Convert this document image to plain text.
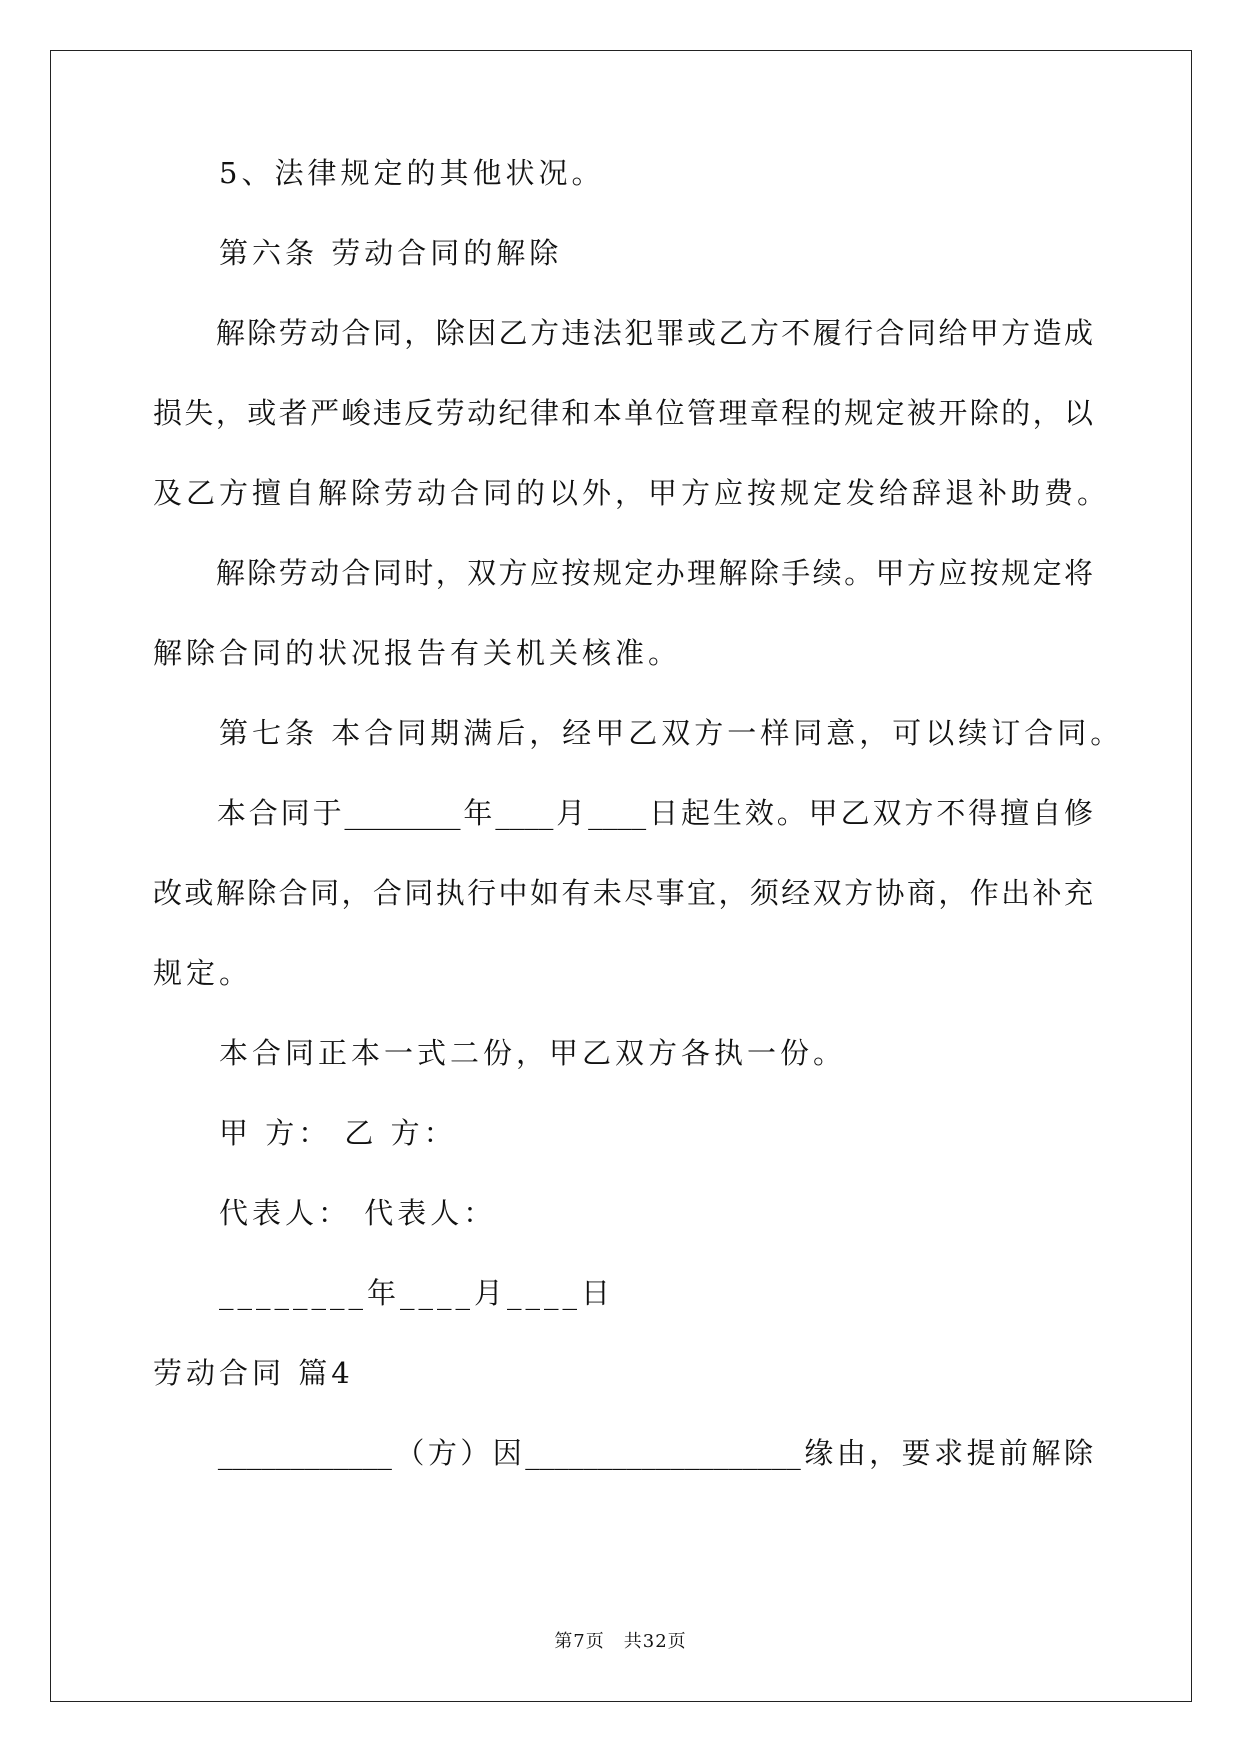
　　5、法律规定的其他状况。

　　第六条 劳动合同的解除

　　解除劳动合同，除因乙方违法犯罪或乙方不履行合同给甲方造成

损失，或者严峻违反劳动纪律和本单位管理章程的规定被开除的，以

及乙方擅自解除劳动合同的以外，甲方应按规定发给辞退补助费。

　　解除劳动合同时，双方应按规定办理解除手续。甲方应按规定将

解除合同的状况报告有关机关核准。

　　第七条 本合同期满后，经甲乙双方一样同意，可以续订合同。

　　本合同于________年____月____日起生效。甲乙双方不得擅自修

改或解除合同，合同执行中如有未尽事宜，须经双方协商，作出补充

规定。

　　本合同正本一式二份，甲乙双方各执一份。

　　甲 方： 乙 方：

　　代表人： 代表人：

　　________年____月____日

劳动合同 篇4

　　____________（方）因___________________缘由，要求提前解除

第7页　共32页
